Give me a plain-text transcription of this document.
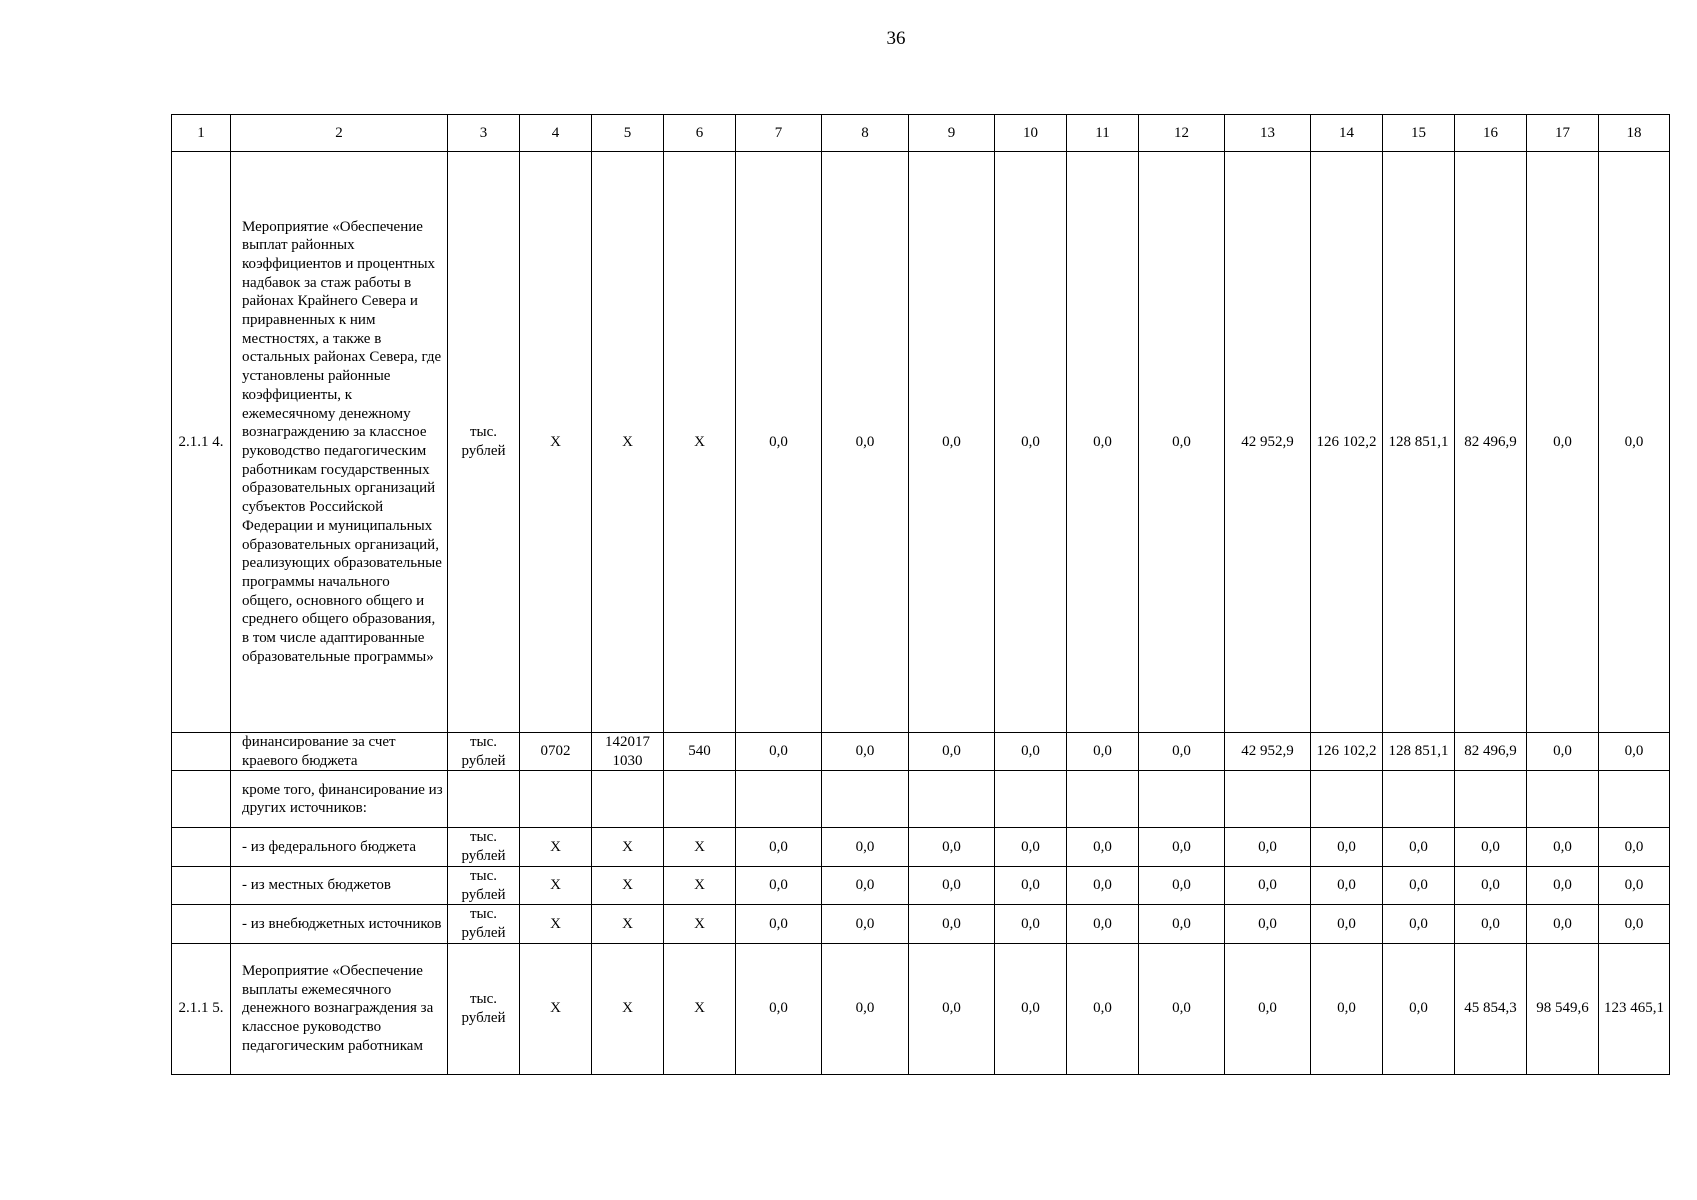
36
1	2	3	4	5	6	7	8	9	10	11	12	13	14	15	16	17	18
2.1.1 4.	Мероприятие «Обеспечение выплат районных коэффициентов и процентных надбавок за стаж работы в районах Крайнего Севера и приравненных к ним местностях, а также в остальных районах Севера, где установлены районные коэффициенты, к ежемесячному денежному вознаграждению за классное руководство педагогическим работникам государственных образовательных организаций субъектов Российской Федерации и муниципальных образовательных организаций, реализующих образовательные программы начального общего, основного общего и среднего общего образования, в том числе адаптированные образовательные программы»	тыс. рублей	Х	Х	Х	0,0	0,0	0,0	0,0	0,0	0,0	42 952,9	126 102,2	128 851,1	82 496,9	0,0	0,0
	финансирование за счет краевого бюджета	тыс. рублей	0702	142017 1030	540	0,0	0,0	0,0	0,0	0,0	0,0	42 952,9	126 102,2	128 851,1	82 496,9	0,0	0,0
	кроме того, финансирование из других источников:																
	- из федерального бюджета	тыс. рублей	Х	Х	Х	0,0	0,0	0,0	0,0	0,0	0,0	0,0	0,0	0,0	0,0	0,0	0,0
	- из местных бюджетов	тыс. рублей	Х	Х	Х	0,0	0,0	0,0	0,0	0,0	0,0	0,0	0,0	0,0	0,0	0,0	0,0
	- из внебюджетных источников	тыс. рублей	Х	Х	Х	0,0	0,0	0,0	0,0	0,0	0,0	0,0	0,0	0,0	0,0	0,0	0,0
2.1.1 5.	Мероприятие «Обеспечение выплаты ежемесячного денежного вознаграждения за классное руководство педагогическим работникам	тыс. рублей	Х	Х	Х	0,0	0,0	0,0	0,0	0,0	0,0	0,0	0,0	0,0	45 854,3	98 549,6	123 465,1
